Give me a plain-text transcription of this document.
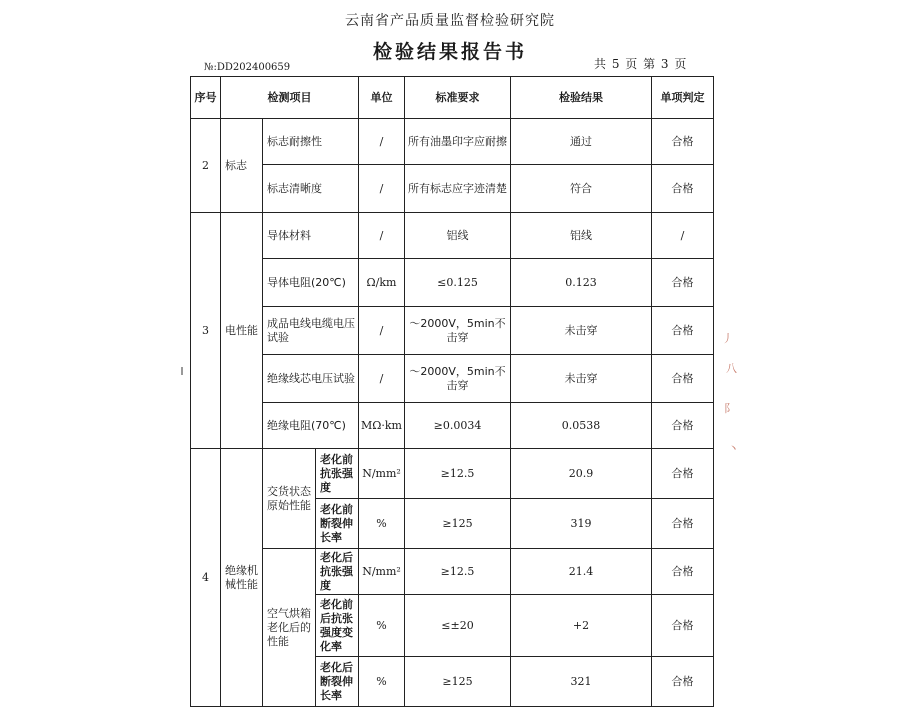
云南省产品质量监督检验研究院
检验结果报告书
№:DD202400659	共 5 页 第 3 页
丿
八
阝
丶
序号	检测项目			单位	标准要求	检验结果	单项判定
2	标志	标志耐擦性		/	所有油墨印字应耐擦	通过	合格
		标志清晰度		/	所有标志应字迹清楚	符合	合格
3	电性能	导体材料		/	铝线	铝线	/
		导体电阻(20℃)		Ω/km	≤0.125	0.123	合格
		成品电线电缆电压试验		/	～2000V，5min不击穿	未击穿	合格
		绝缘线芯电压试验		/	～2000V，5min不击穿	未击穿	合格
		绝缘电阻(70℃)		MΩ·km	≥0.0034	0.0538	合格
4	绝缘机械性能	交货状态原始性能	老化前抗张强度	N/mm²	≥12.5	20.9	合格
			老化前断裂伸长率	%	≥125	319	合格
		空气烘箱老化后的性能	老化后抗张强度	N/mm²	≥12.5	21.4	合格
			老化前后抗张强度变化率	%	≤±20	+2	合格
			老化后断裂伸长率	%	≥125	321	合格
